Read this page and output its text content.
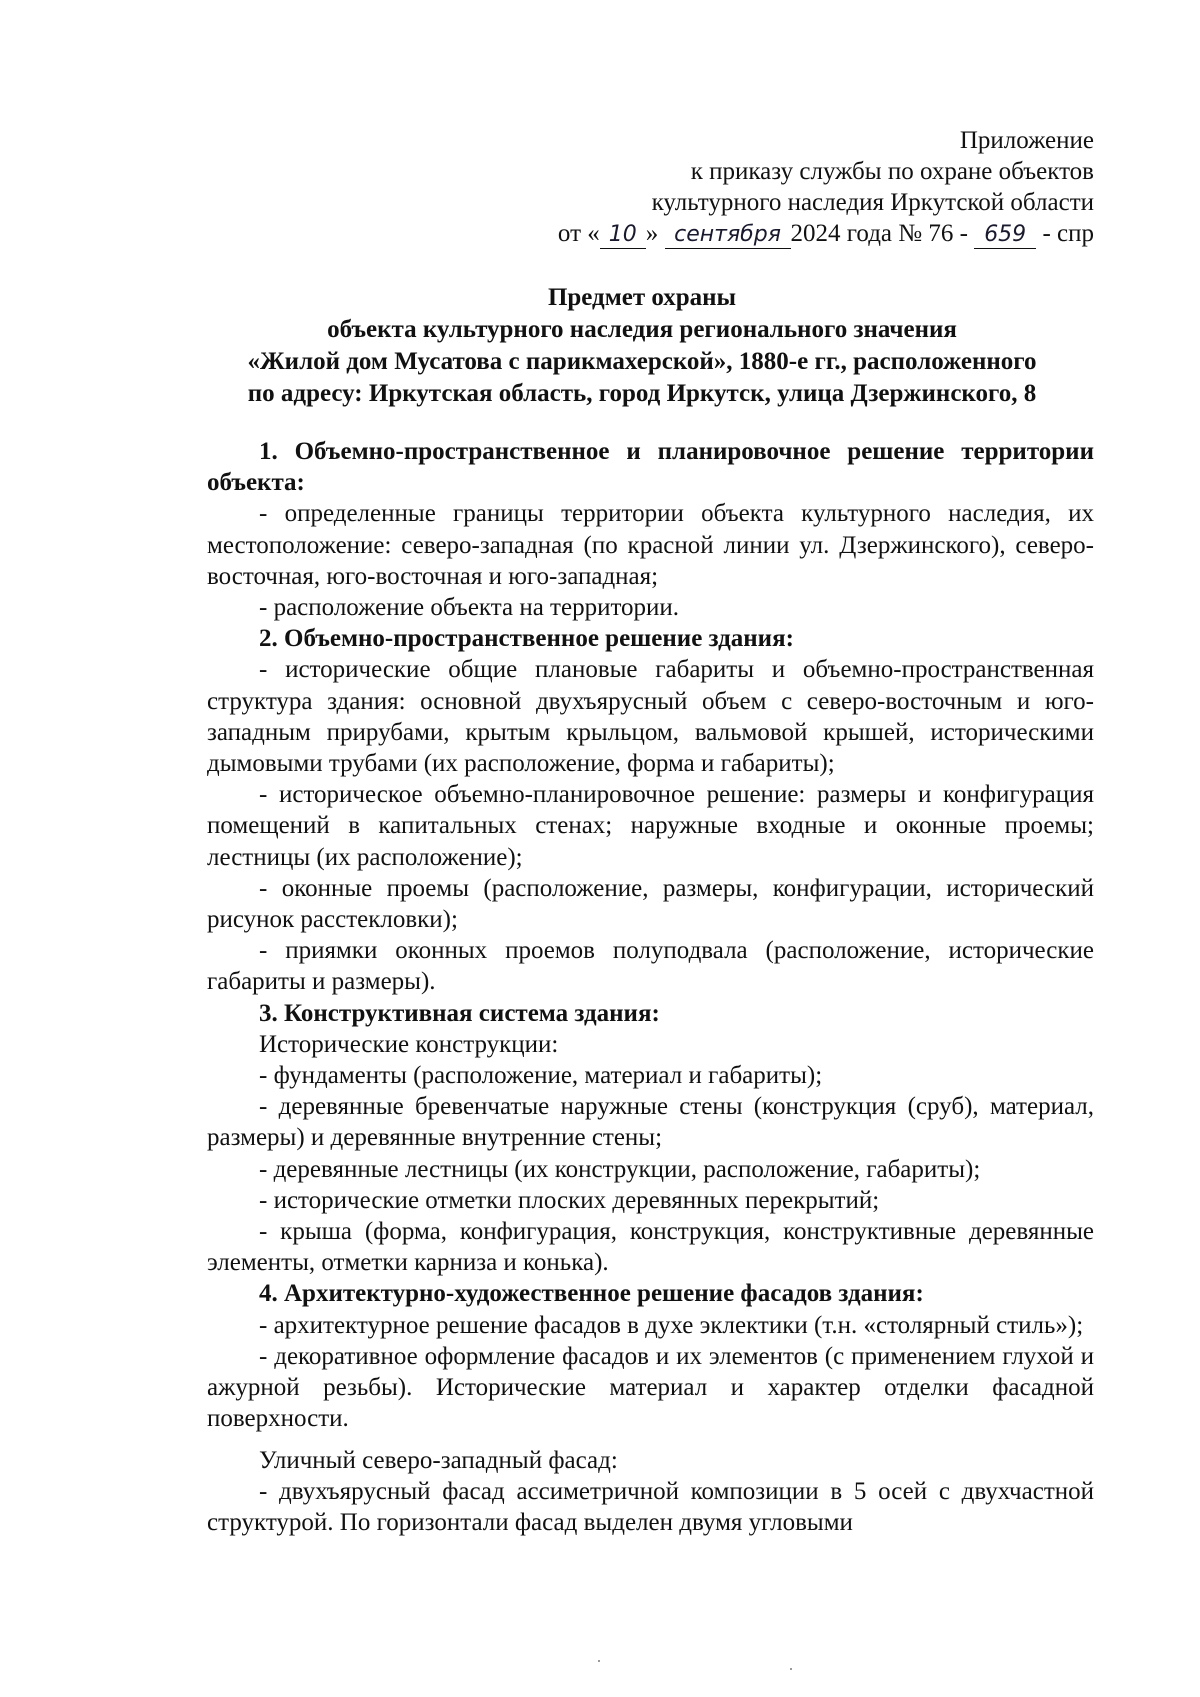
Приложение
к приказу службы по охране объектов
культурного наследия Иркутской области
от « 10 » сентября 2024 года № 76 - 659 - спр
Предмет охраны
объекта культурного наследия регионального значения
«Жилой дом Мусатова с парикмахерской», 1880-е гг., расположенного
по адресу: Иркутская область, город Иркутск, улица Дзержинского, 8

1. Объемно-пространственное и планировочное решение территории объекта:

- определенные границы территории объекта культурного наследия, их местоположение: северо-западная (по красной линии ул. Дзержинского), северо-восточная, юго-восточная и юго-западная;

- расположение объекта на территории.

2. Объемно-пространственное решение здания:

- исторические общие плановые габариты и объемно-пространственная структура здания: основной двухъярусный объем с северо-восточным и юго-западным прирубами, крытым крыльцом, вальмовой крышей, историческими дымовыми трубами (их расположение, форма и габариты);

- историческое объемно-планировочное решение: размеры и конфигурация помещений в капитальных стенах; наружные входные и оконные проемы; лестницы (их расположение);

- оконные проемы (расположение, размеры, конфигурации, исторический рисунок расстекловки);

- приямки оконных проемов полуподвала (расположение, исторические габариты и размеры).

3. Конструктивная система здания:

Исторические конструкции:

- фундаменты (расположение, материал и габариты);

- деревянные бревенчатые наружные стены (конструкция (сруб), материал, размеры) и деревянные внутренние стены;

- деревянные лестницы (их конструкции, расположение, габариты);

- исторические отметки плоских деревянных перекрытий;

- крыша (форма, конфигурация, конструкция, конструктивные деревянные элементы, отметки карниза и конька).

4. Архитектурно-художественное решение фасадов здания:

- архитектурное решение фасадов в духе эклектики (т.н. «столярный стиль»);

- декоративное оформление фасадов и их элементов (с применением глухой и ажурной резьбы). Исторические материал и характер отделки фасадной поверхности.

Уличный северо-западный фасад:

- двухъярусный фасад ассиметричной композиции в 5 осей с двухчастной структурой. По горизонтали фасад выделен двумя угловыми
